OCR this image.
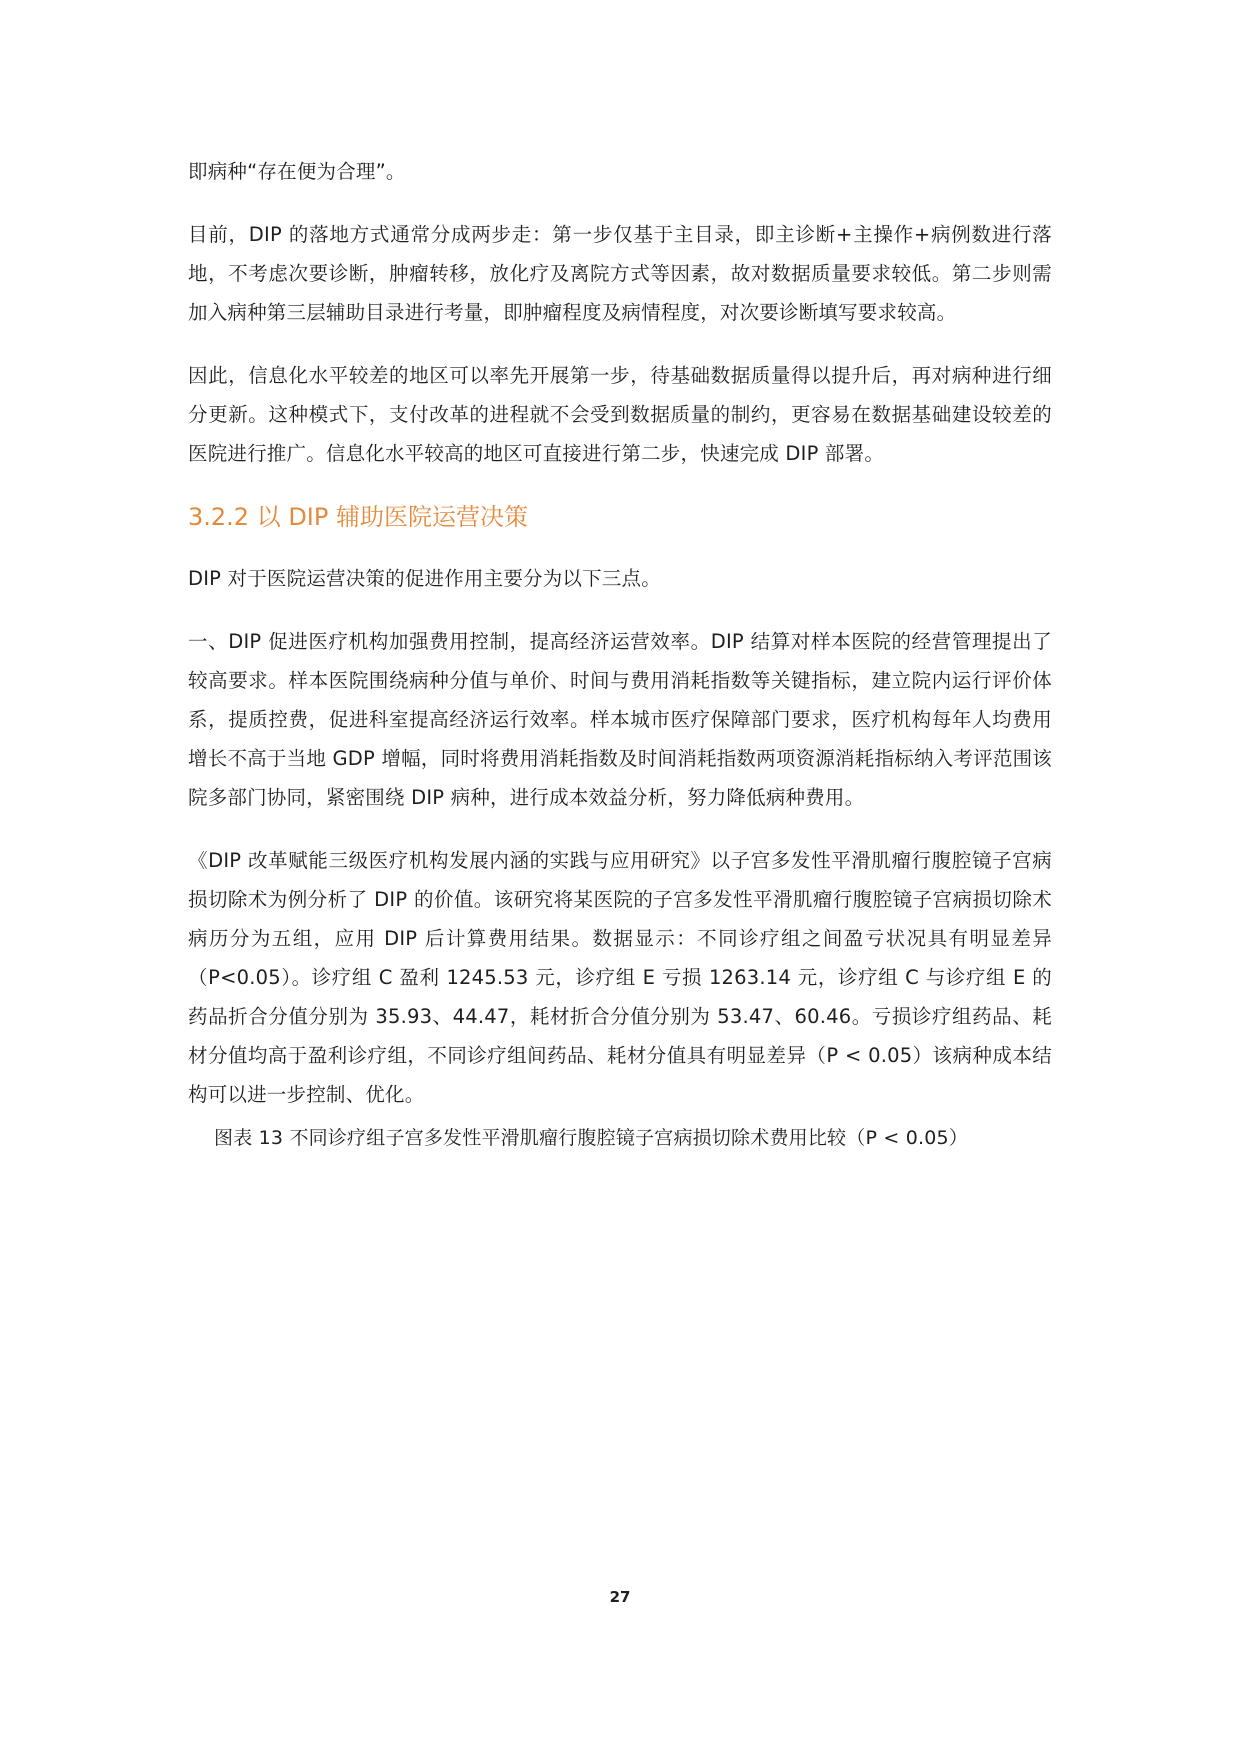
即病种“存在便为合理”。

目前，DIP 的落地方式通常分成两步走：第一步仅基于主目录，即主诊断+主操作+病例数进行落地，不考虑次要诊断，肿瘤转移，放化疗及离院方式等因素，故对数据质量要求较低。第二步则需加入病种第三层辅助目录进行考量，即肿瘤程度及病情程度，对次要诊断填写要求较高。

因此，信息化水平较差的地区可以率先开展第一步，待基础数据质量得以提升后，再对病种进行细分更新。这种模式下，支付改革的进程就不会受到数据质量的制约，更容易在数据基础建设较差的医院进行推广。信息化水平较高的地区可直接进行第二步，快速完成 DIP 部署。

3.2.2 以 DIP 辅助医院运营决策

DIP 对于医院运营决策的促进作用主要分为以下三点。

一、DIP 促进医疗机构加强费用控制，提高经济运营效率。DIP 结算对样本医院的经营管理提出了较高要求。样本医院围绕病种分值与单价、时间与费用消耗指数等关键指标，建立院内运行评价体系，提质控费，促进科室提高经济运行效率。样本城市医疗保障部门要求，医疗机构每年人均费用增长不高于当地 GDP 增幅，同时将费用消耗指数及时间消耗指数两项资源消耗指标纳入考评范围该院多部门协同，紧密围绕 DIP 病种，进行成本效益分析，努力降低病种费用。

《DIP 改革赋能三级医疗机构发展内涵的实践与应用研究》以子宫多发性平滑肌瘤行腹腔镜子宫病损切除术为例分析了 DIP 的价值。该研究将某医院的子宫多发性平滑肌瘤行腹腔镜子宫病损切除术病历分为五组，应用 DIP 后计算费用结果。数据显示：不同诊疗组之间盈亏状况具有明显差异（P<0.05）。诊疗组 C 盈利 1245.53 元，诊疗组 E 亏损 1263.14 元，诊疗组 C 与诊疗组 E 的药品折合分值分别为 35.93、44.47，耗材折合分值分别为 53.47、60.46。亏损诊疗组药品、耗材分值均高于盈利诊疗组，不同诊疗组间药品、耗材分值具有明显差异（P < 0.05）该病种成本结构可以进一步控制、优化。

图表 13 不同诊疗组子宫多发性平滑肌瘤行腹腔镜子宫病损切除术费用比较（P < 0.05）

27
